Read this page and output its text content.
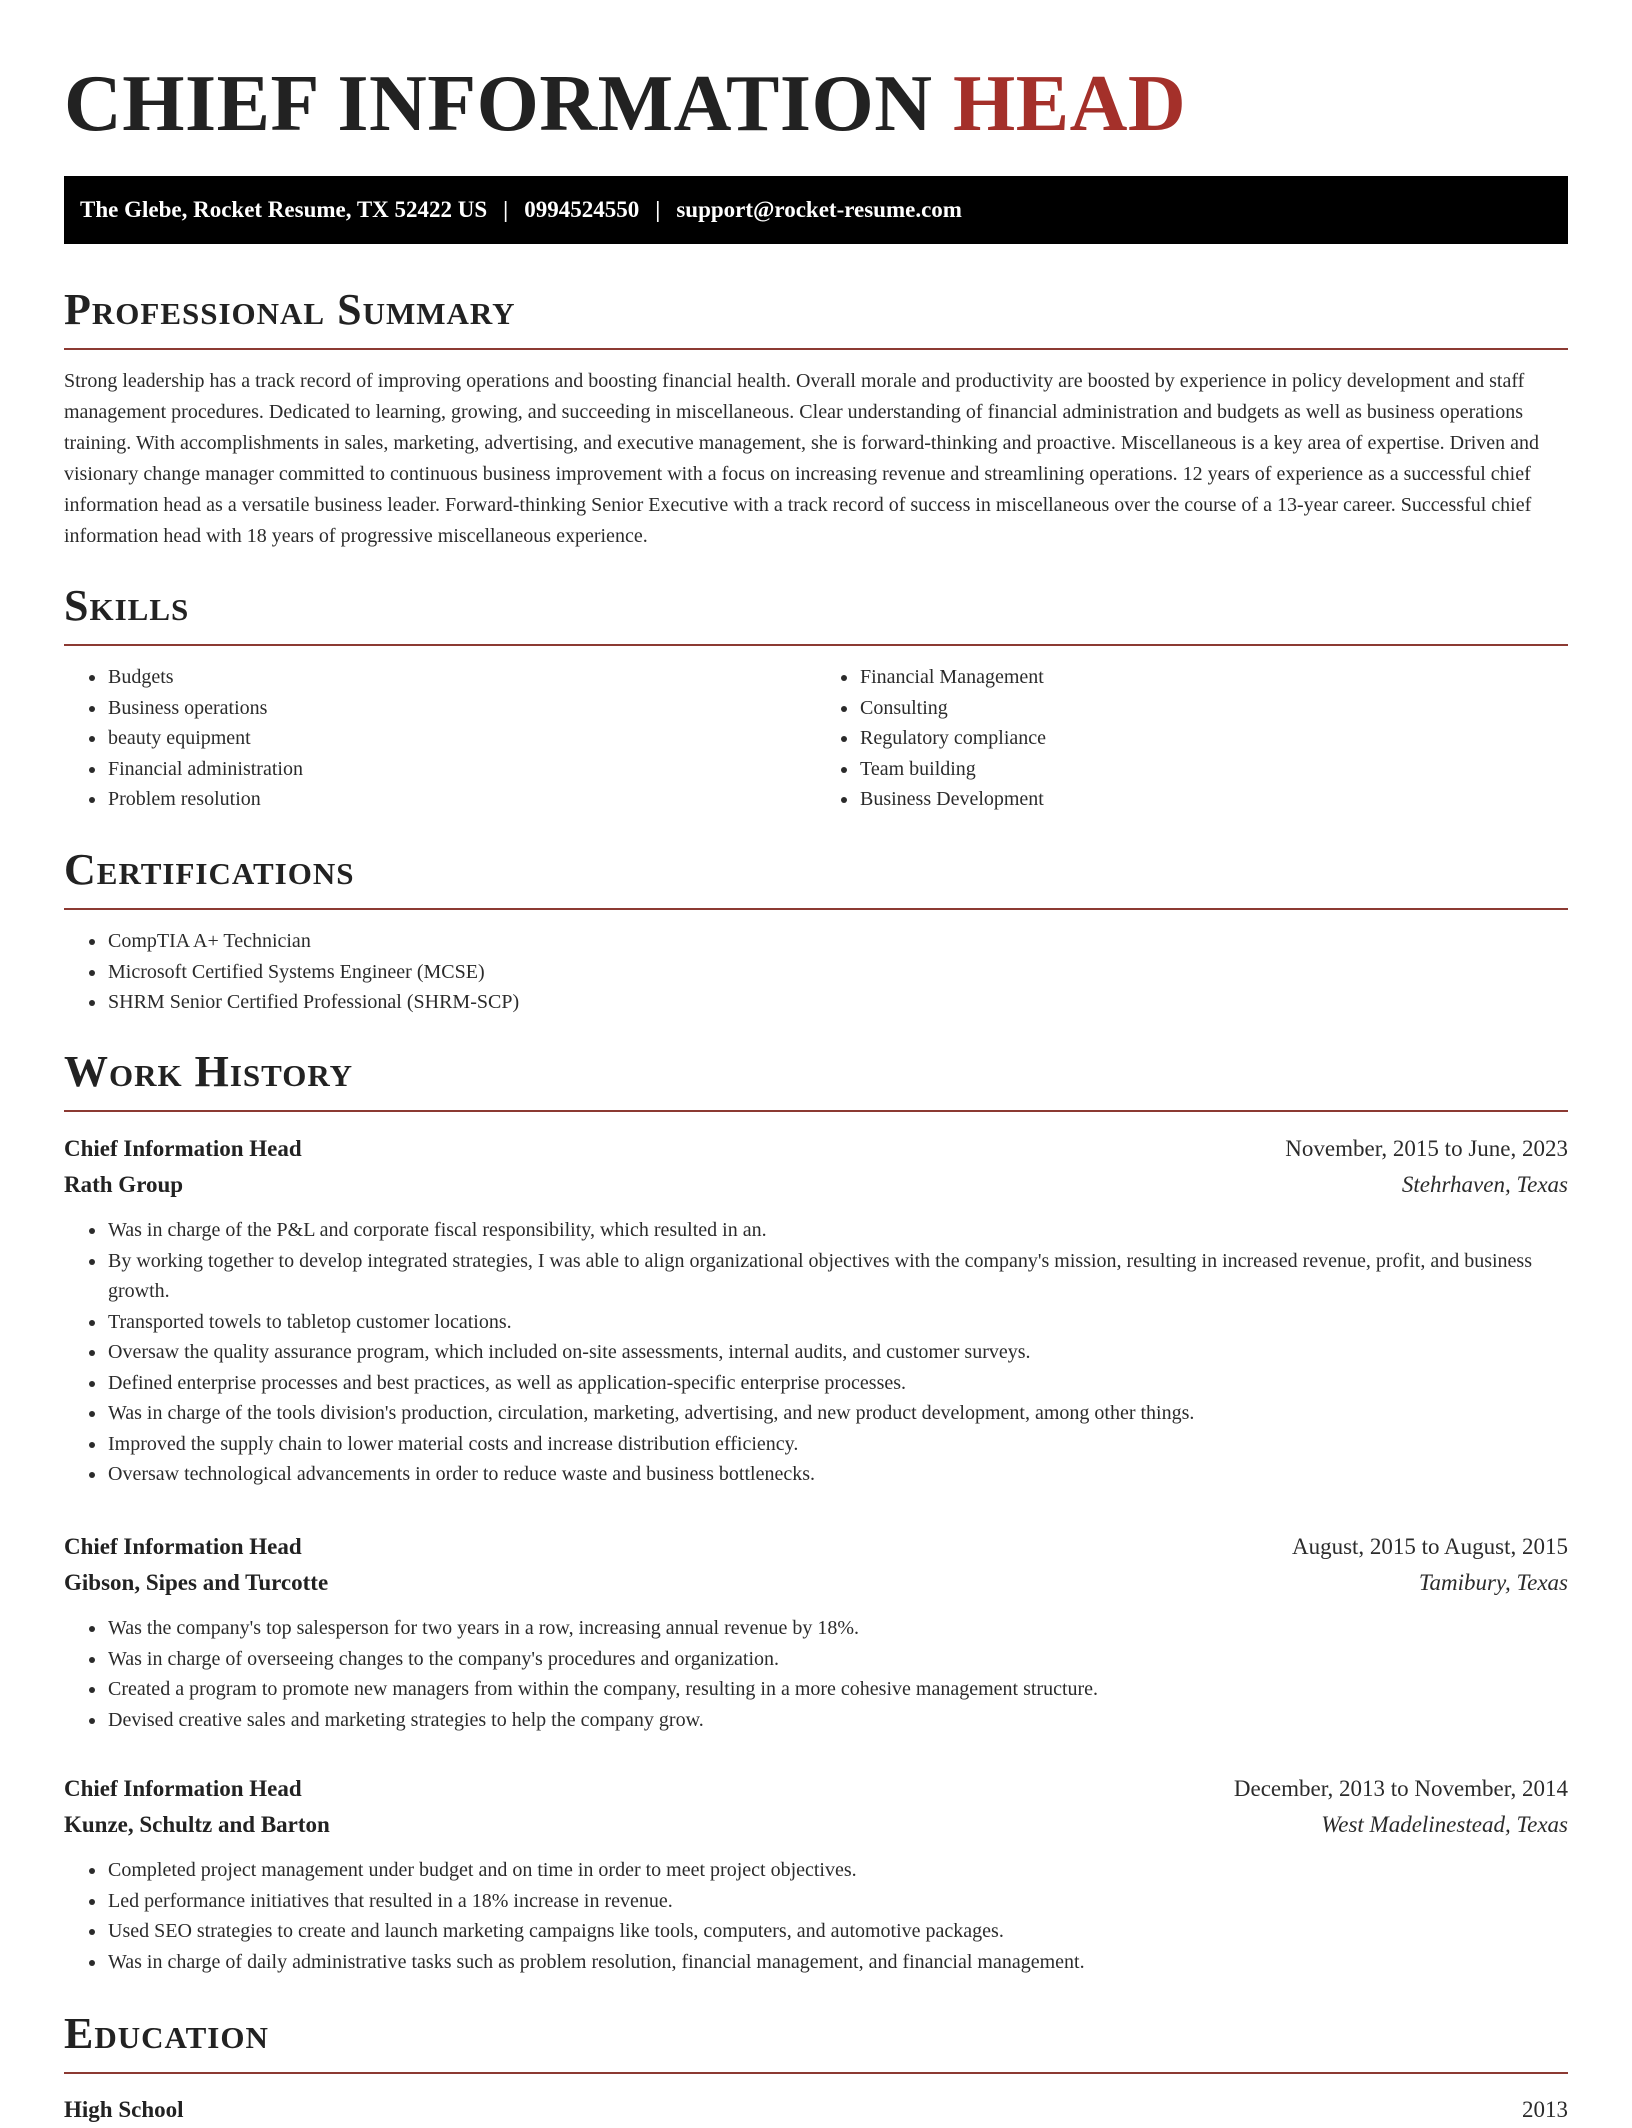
CHIEF INFORMATION HEAD
The Glebe, Rocket Resume, TX 52422 US | 0994524550 | support@rocket-resume.com
Professional Summary

Strong leadership has a track record of improving operations and boosting financial health. Overall morale and productivity are boosted by experience in policy development and staff management procedures. Dedicated to learning, growing, and succeeding in miscellaneous. Clear understanding of financial administration and budgets as well as business operations training. With accomplishments in sales, marketing, advertising, and executive management, she is forward-thinking and proactive. Miscellaneous is a key area of expertise. Driven and visionary change manager committed to continuous business improvement with a focus on increasing revenue and streamlining operations. 12 years of experience as a successful chief information head as a versatile business leader. Forward-thinking Senior Executive with a track record of success in miscellaneous over the course of a 13-year career. Successful chief information head with 18 years of progressive miscellaneous experience.

Skills
• Budgets
• Business operations
• beauty equipment
• Financial administration
• Problem resolution
• Financial Management
• Consulting
• Regulatory compliance
• Team building
• Business Development
Certifications
• CompTIA A+ Technician
• Microsoft Certified Systems Engineer (MCSE)
• SHRM Senior Certified Professional (SHRM-SCP)
Work History
Chief Information Head	November, 2015 to June, 2023
Rath Group	Stehrhaven, Texas
• Was in charge of the P&L and corporate fiscal responsibility, which resulted in an.
• By working together to develop integrated strategies, I was able to align organizational objectives with the company's mission, resulting in increased revenue, profit, and business growth.
• Transported towels to tabletop customer locations.
• Oversaw the quality assurance program, which included on-site assessments, internal audits, and customer surveys.
• Defined enterprise processes and best practices, as well as application-specific enterprise processes.
• Was in charge of the tools division's production, circulation, marketing, advertising, and new product development, among other things.
• Improved the supply chain to lower material costs and increase distribution efficiency.
• Oversaw technological advancements in order to reduce waste and business bottlenecks.
Chief Information Head	August, 2015 to August, 2015
Gibson, Sipes and Turcotte	Tamibury, Texas
• Was the company's top salesperson for two years in a row, increasing annual revenue by 18%.
• Was in charge of overseeing changes to the company's procedures and organization.
• Created a program to promote new managers from within the company, resulting in a more cohesive management structure.
• Devised creative sales and marketing strategies to help the company grow.
Chief Information Head	December, 2013 to November, 2014
Kunze, Schultz and Barton	West Madelinestead, Texas
• Completed project management under budget and on time in order to meet project objectives.
• Led performance initiatives that resulted in a 18% increase in revenue.
• Used SEO strategies to create and launch marketing campaigns like tools, computers, and automotive packages.
• Was in charge of daily administrative tasks such as problem resolution, financial management, and financial management.
Education
High School	2013
